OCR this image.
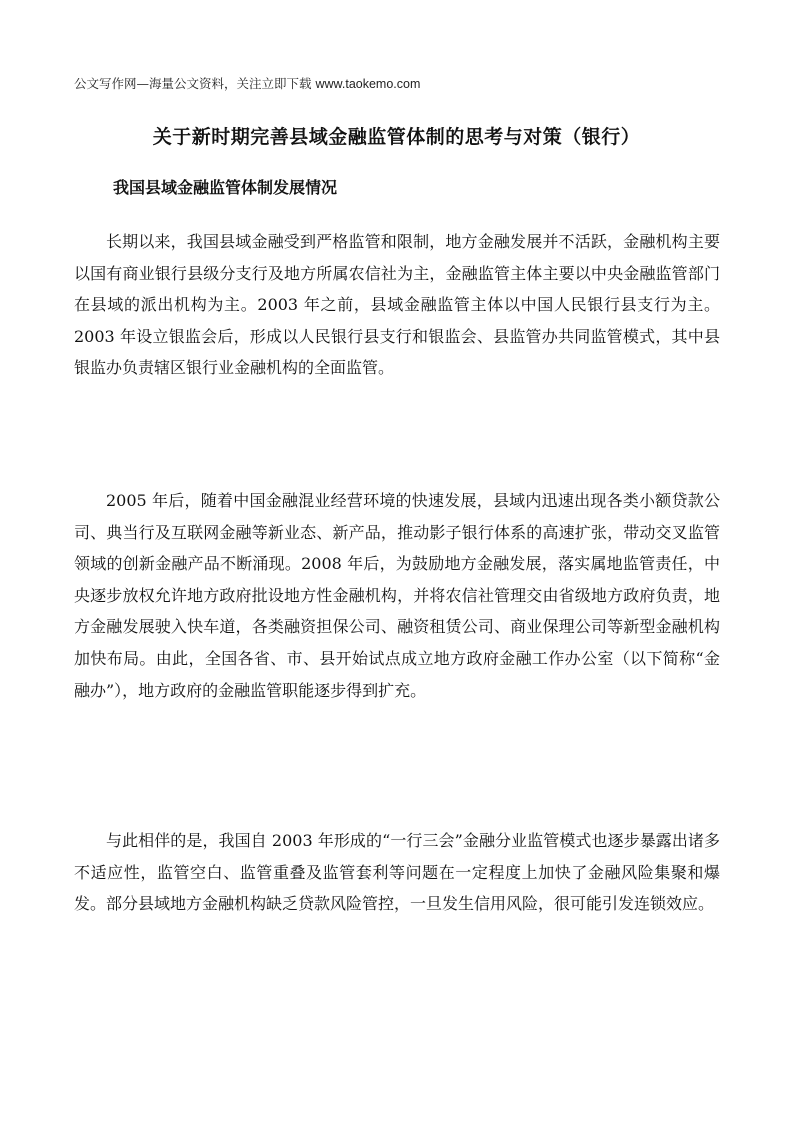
公文写作网—海量公文资料，关注立即下载 www.taokemo.com
关于新时期完善县域金融监管体制的思考与对策（银行）
我国县域金融监管体制发展情况

长期以来，我国县域金融受到严格监管和限制，地方金融发展并不活跃，金融机构主要以国有商业银行县级分支行及地方所属农信社为主，金融监管主体主要以中央金融监管部门在县域的派出机构为主。2003 年之前，县域金融监管主体以中国人民银行县支行为主。2003 年设立银监会后，形成以人民银行县支行和银监会、县监管办共同监管模式，其中县银监办负责辖区银行业金融机构的全面监管。

2005 年后，随着中国金融混业经营环境的快速发展，县域内迅速出现各类小额贷款公司、典当行及互联网金融等新业态、新产品，推动影子银行体系的高速扩张，带动交叉监管领域的创新金融产品不断涌现。2008 年后，为鼓励地方金融发展，落实属地监管责任，中央逐步放权允许地方政府批设地方性金融机构，并将农信社管理交由省级地方政府负责，地方金融发展驶入快车道，各类融资担保公司、融资租赁公司、商业保理公司等新型金融机构加快布局。由此，全国各省、市、县开始试点成立地方政府金融工作办公室（以下简称“金融办”），地方政府的金融监管职能逐步得到扩充。

与此相伴的是，我国自 2003 年形成的“一行三会”金融分业监管模式也逐步暴露出诸多不适应性，监管空白、监管重叠及监管套利等问题在一定程度上加快了金融风险集聚和爆发。部分县域地方金融机构缺乏贷款风险管控，一旦发生信用风险，很可能引发连锁效应。
